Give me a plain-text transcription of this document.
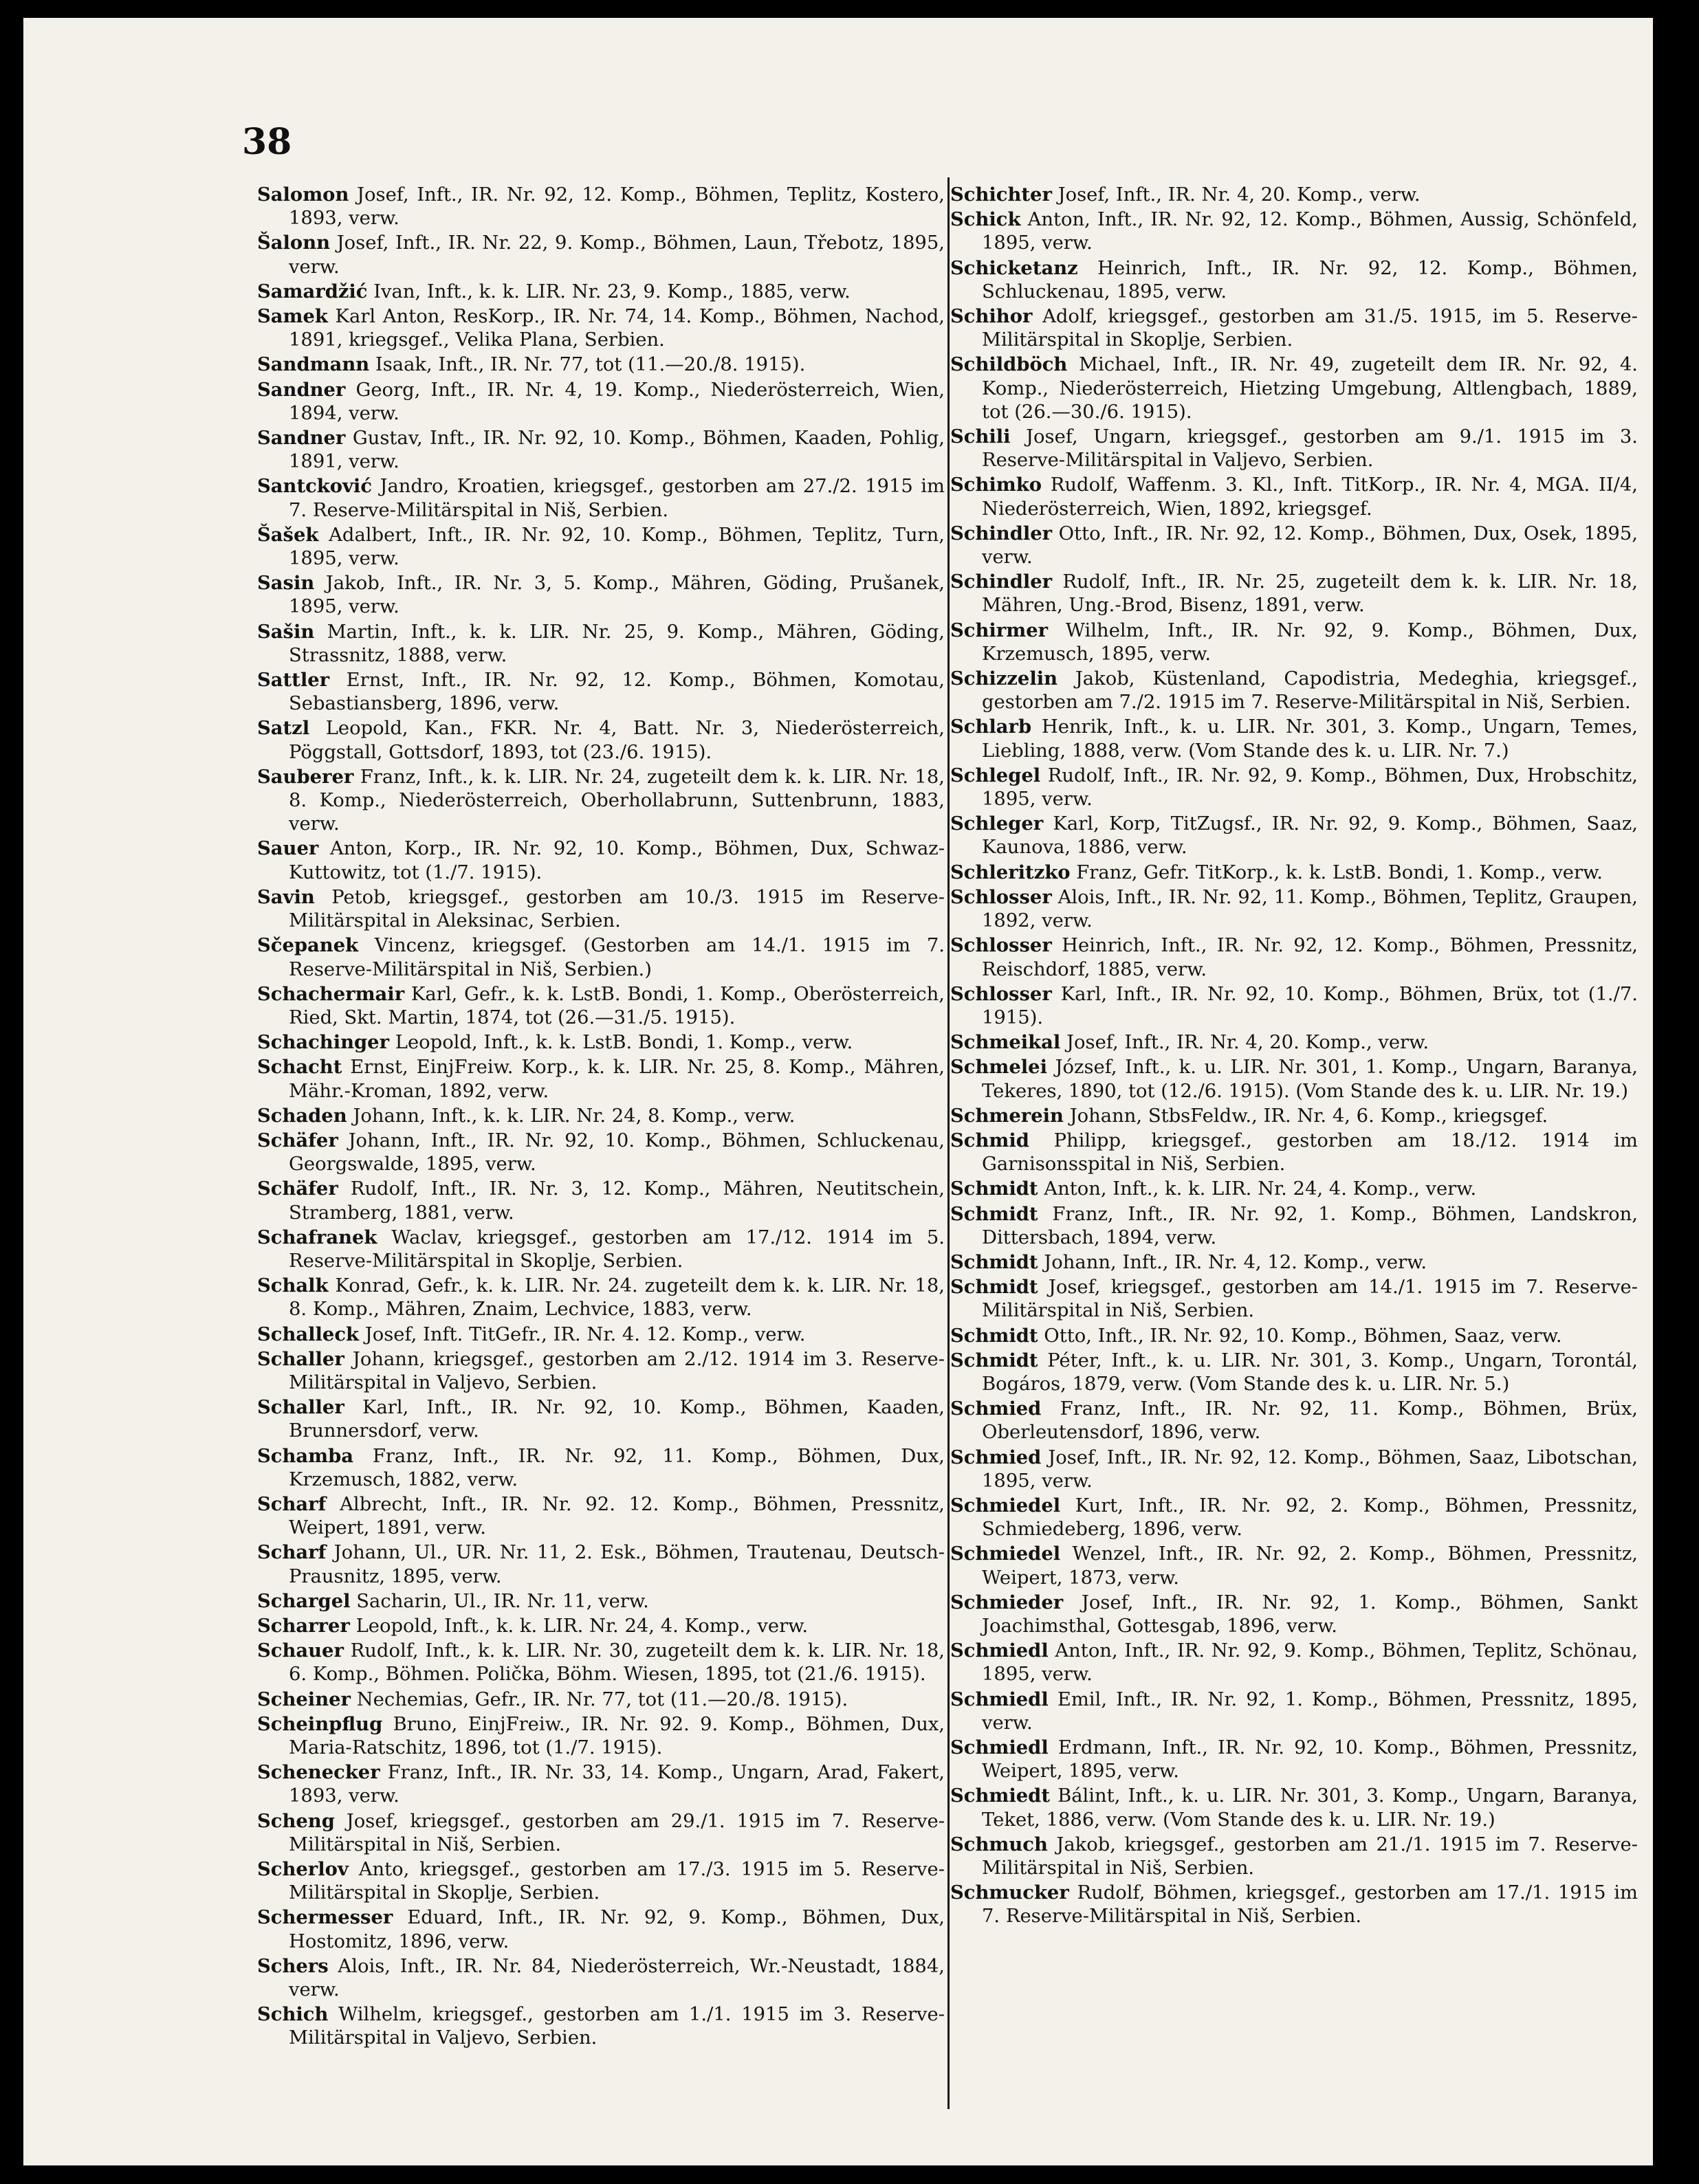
38

Salomon Josef, Inft., IR. Nr. 92, 12. Komp., Böhmen, Teplitz, Kostero, 1893, verw.

Šalonn Josef, Inft., IR. Nr. 22, 9. Komp., Böhmen, Laun, Třebotz, 1895, verw.

Samardžić Ivan, Inft., k. k. LIR. Nr. 23, 9. Komp., 1885, verw.

Samek Karl Anton, ResKorp., IR. Nr. 74, 14. Komp., Böhmen, Nachod, 1891, kriegsgef., Velika Plana, Serbien.

Sandmann Isaak, Inft., IR. Nr. 77, tot (11.—20./8. 1915).

Sandner Georg, Inft., IR. Nr. 4, 19. Komp., Niederösterreich, Wien, 1894, verw.

Sandner Gustav, Inft., IR. Nr. 92, 10. Komp., Böhmen, Kaaden, Pohlig, 1891, verw.

Santcković Jandro, Kroatien, kriegsgef., gestorben am 27./2. 1915 im 7. Reserve-Militärspital in Niš, Serbien.

Šašek Adalbert, Inft., IR. Nr. 92, 10. Komp., Böhmen, Teplitz, Turn, 1895, verw.

Sasin Jakob, Inft., IR. Nr. 3, 5. Komp., Mähren, Göding, Prušanek, 1895, verw.

Sašin Martin, Inft., k. k. LIR. Nr. 25, 9. Komp., Mähren, Göding, Strassnitz, 1888, verw.

Sattler Ernst, Inft., IR. Nr. 92, 12. Komp., Böhmen, Komotau, Sebastiansberg, 1896, verw.

Satzl Leopold, Kan., FKR. Nr. 4, Batt. Nr. 3, Niederösterreich, Pöggstall, Gottsdorf, 1893, tot (23./6. 1915).

Sauberer Franz, Inft., k. k. LIR. Nr. 24, zugeteilt dem k. k. LIR. Nr. 18, 8. Komp., Niederösterreich, Oberhollabrunn, Suttenbrunn, 1883, verw.

Sauer Anton, Korp., IR. Nr. 92, 10. Komp., Böhmen, Dux, Schwaz-Kuttowitz, tot (1./7. 1915).

Savin Petob, kriegsgef., gestorben am 10./3. 1915 im Reserve-Militärspital in Aleksinac, Serbien.

Sčepanek Vincenz, kriegsgef. (Gestorben am 14./1. 1915 im 7. Reserve-Militärspital in Niš, Serbien.)

Schachermair Karl, Gefr., k. k. LstB. Bondi, 1. Komp., Oberösterreich, Ried, Skt. Martin, 1874, tot (26.—31./5. 1915).

Schachinger Leopold, Inft., k. k. LstB. Bondi, 1. Komp., verw.

Schacht Ernst, EinjFreiw. Korp., k. k. LIR. Nr. 25, 8. Komp., Mähren, Mähr.-Kroman, 1892, verw.

Schaden Johann, Inft., k. k. LIR. Nr. 24, 8. Komp., verw.

Schäfer Johann, Inft., IR. Nr. 92, 10. Komp., Böhmen, Schluckenau, Georgswalde, 1895, verw.

Schäfer Rudolf, Inft., IR. Nr. 3, 12. Komp., Mähren, Neutitschein, Stramberg, 1881, verw.

Schafranek Waclav, kriegsgef., gestorben am 17./12. 1914 im 5. Reserve-Militärspital in Skoplje, Serbien.

Schalk Konrad, Gefr., k. k. LIR. Nr. 24. zugeteilt dem k. k. LIR. Nr. 18, 8. Komp., Mähren, Znaim, Lechvice, 1883, verw.

Schalleck Josef, Inft. TitGefr., IR. Nr. 4. 12. Komp., verw.

Schaller Johann, kriegsgef., gestorben am 2./12. 1914 im 3. Reserve-Militärspital in Valjevo, Serbien.

Schaller Karl, Inft., IR. Nr. 92, 10. Komp., Böhmen, Kaaden, Brunnersdorf, verw.

Schamba Franz, Inft., IR. Nr. 92, 11. Komp., Böhmen, Dux, Krzemusch, 1882, verw.

Scharf Albrecht, Inft., IR. Nr. 92. 12. Komp., Böhmen, Pressnitz, Weipert, 1891, verw.

Scharf Johann, Ul., UR. Nr. 11, 2. Esk., Böhmen, Trautenau, Deutsch-Prausnitz, 1895, verw.

Schargel Sacharin, Ul., IR. Nr. 11, verw.

Scharrer Leopold, Inft., k. k. LIR. Nr. 24, 4. Komp., verw.

Schauer Rudolf, Inft., k. k. LIR. Nr. 30, zugeteilt dem k. k. LIR. Nr. 18, 6. Komp., Böhmen. Polička, Böhm. Wiesen, 1895, tot (21./6. 1915).

Scheiner Nechemias, Gefr., IR. Nr. 77, tot (11.—20./8. 1915).

Scheinpflug Bruno, EinjFreiw., IR. Nr. 92. 9. Komp., Böhmen, Dux, Maria-Ratschitz, 1896, tot (1./7. 1915).

Schenecker Franz, Inft., IR. Nr. 33, 14. Komp., Ungarn, Arad, Fakert, 1893, verw.

Scheng Josef, kriegsgef., gestorben am 29./1. 1915 im 7. Reserve-Militärspital in Niš, Serbien.

Scherlov Anto, kriegsgef., gestorben am 17./3. 1915 im 5. Reserve-Militärspital in Skoplje, Serbien.

Schermesser Eduard, Inft., IR. Nr. 92, 9. Komp., Böhmen, Dux, Hostomitz, 1896, verw.

Schers Alois, Inft., IR. Nr. 84, Niederösterreich, Wr.-Neustadt, 1884, verw.

Schich Wilhelm, kriegsgef., gestorben am 1./1. 1915 im 3. Reserve-Militärspital in Valjevo, Serbien.

Schichter Josef, Inft., IR. Nr. 4, 20. Komp., verw.

Schick Anton, Inft., IR. Nr. 92, 12. Komp., Böhmen, Aussig, Schönfeld, 1895, verw.

Schicketanz Heinrich, Inft., IR. Nr. 92, 12. Komp., Böhmen, Schluckenau, 1895, verw.

Schihor Adolf, kriegsgef., gestorben am 31./5. 1915, im 5. Reserve-Militärspital in Skoplje, Serbien.

Schildböch Michael, Inft., IR. Nr. 49, zugeteilt dem IR. Nr. 92, 4. Komp., Niederösterreich, Hietzing Umgebung, Altlengbach, 1889, tot (26.—30./6. 1915).

Schili Josef, Ungarn, kriegsgef., gestorben am 9./1. 1915 im 3. Reserve-Militärspital in Valjevo, Serbien.

Schimko Rudolf, Waffenm. 3. Kl., Inft. TitKorp., IR. Nr. 4, MGA. II/4, Niederösterreich, Wien, 1892, kriegsgef.

Schindler Otto, Inft., IR. Nr. 92, 12. Komp., Böhmen, Dux, Osek, 1895, verw.

Schindler Rudolf, Inft., IR. Nr. 25, zugeteilt dem k. k. LIR. Nr. 18, Mähren, Ung.-Brod, Bisenz, 1891, verw.

Schirmer Wilhelm, Inft., IR. Nr. 92, 9. Komp., Böhmen, Dux, Krzemusch, 1895, verw.

Schizzelin Jakob, Küstenland, Capodistria, Medeghia, kriegsgef., gestorben am 7./2. 1915 im 7. Reserve-Militärspital in Niš, Serbien.

Schlarb Henrik, Inft., k. u. LIR. Nr. 301, 3. Komp., Ungarn, Temes, Liebling, 1888, verw. (Vom Stande des k. u. LIR. Nr. 7.)

Schlegel Rudolf, Inft., IR. Nr. 92, 9. Komp., Böhmen, Dux, Hrobschitz, 1895, verw.

Schleger Karl, Korp, TitZugsf., IR. Nr. 92, 9. Komp., Böhmen, Saaz, Kaunova, 1886, verw.

Schleritzko Franz, Gefr. TitKorp., k. k. LstB. Bondi, 1. Komp., verw.

Schlosser Alois, Inft., IR. Nr. 92, 11. Komp., Böhmen, Teplitz, Graupen, 1892, verw.

Schlosser Heinrich, Inft., IR. Nr. 92, 12. Komp., Böhmen, Pressnitz, Reischdorf, 1885, verw.

Schlosser Karl, Inft., IR. Nr. 92, 10. Komp., Böhmen, Brüx, tot (1./7. 1915).

Schmeikal Josef, Inft., IR. Nr. 4, 20. Komp., verw.

Schmelei József, Inft., k. u. LIR. Nr. 301, 1. Komp., Ungarn, Baranya, Tekeres, 1890, tot (12./6. 1915). (Vom Stande des k. u. LIR. Nr. 19.)

Schmerein Johann, StbsFeldw., IR. Nr. 4, 6. Komp., kriegsgef.

Schmid Philipp, kriegsgef., gestorben am 18./12. 1914 im Garnisonsspital in Niš, Serbien.

Schmidt Anton, Inft., k. k. LIR. Nr. 24, 4. Komp., verw.

Schmidt Franz, Inft., IR. Nr. 92, 1. Komp., Böhmen, Landskron, Dittersbach, 1894, verw.

Schmidt Johann, Inft., IR. Nr. 4, 12. Komp., verw.

Schmidt Josef, kriegsgef., gestorben am 14./1. 1915 im 7. Reserve-Militärspital in Niš, Serbien.

Schmidt Otto, Inft., IR. Nr. 92, 10. Komp., Böhmen, Saaz, verw.

Schmidt Péter, Inft., k. u. LIR. Nr. 301, 3. Komp., Ungarn, Torontál, Bogáros, 1879, verw. (Vom Stande des k. u. LIR. Nr. 5.)

Schmied Franz, Inft., IR. Nr. 92, 11. Komp., Böhmen, Brüx, Oberleutensdorf, 1896, verw.

Schmied Josef, Inft., IR. Nr. 92, 12. Komp., Böhmen, Saaz, Libotschan, 1895, verw.

Schmiedel Kurt, Inft., IR. Nr. 92, 2. Komp., Böhmen, Pressnitz, Schmiedeberg, 1896, verw.

Schmiedel Wenzel, Inft., IR. Nr. 92, 2. Komp., Böhmen, Pressnitz, Weipert, 1873, verw.

Schmieder Josef, Inft., IR. Nr. 92, 1. Komp., Böhmen, Sankt Joachimsthal, Gottesgab, 1896, verw.

Schmiedl Anton, Inft., IR. Nr. 92, 9. Komp., Böhmen, Teplitz, Schönau, 1895, verw.

Schmiedl Emil, Inft., IR. Nr. 92, 1. Komp., Böhmen, Pressnitz, 1895, verw.

Schmiedl Erdmann, Inft., IR. Nr. 92, 10. Komp., Böhmen, Pressnitz, Weipert, 1895, verw.

Schmiedt Bálint, Inft., k. u. LIR. Nr. 301, 3. Komp., Ungarn, Baranya, Teket, 1886, verw. (Vom Stande des k. u. LIR. Nr. 19.)

Schmuch Jakob, kriegsgef., gestorben am 21./1. 1915 im 7. Reserve-Militärspital in Niš, Serbien.

Schmucker Rudolf, Böhmen, kriegsgef., gestorben am 17./1. 1915 im 7. Reserve-Militärspital in Niš, Serbien.
